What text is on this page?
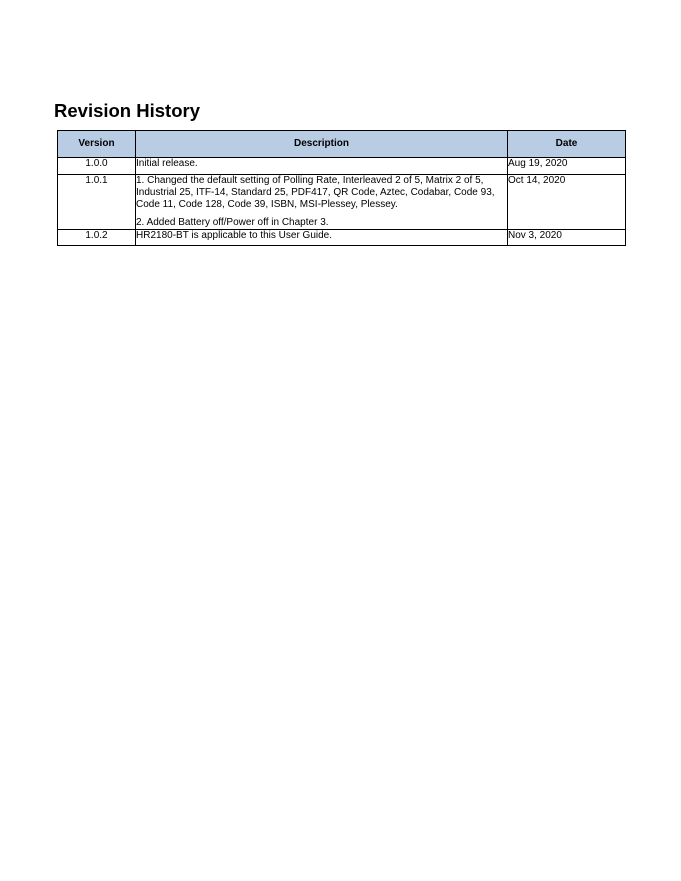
Revision History
Version	Description	Date
1.0.0	Initial release.	Aug 19, 2020
1.0.1	1. Changed the default setting of Polling Rate, Interleaved 2 of 5, Matrix 2 of 5, Industrial 25, ITF-14, Standard 25, PDF417, QR Code, Aztec, Codabar, Code 93, Code 11, Code 128, Code 39, ISBN, MSI-Plessey, Plessey.

2. Added Battery off/Power off in Chapter 3.	Oct 14, 2020
1.0.2	HR2180-BT is applicable to this User Guide.	Nov 3, 2020
